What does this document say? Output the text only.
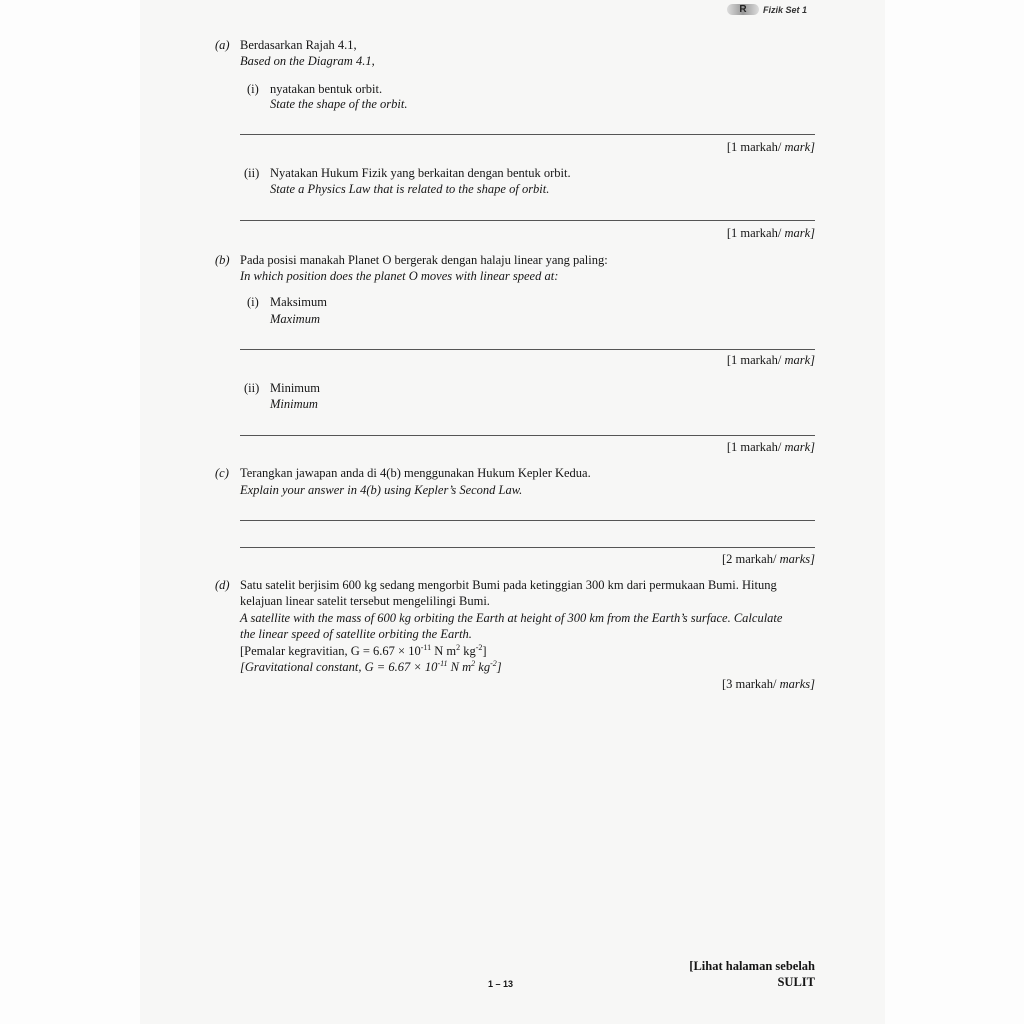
R	Fizik Set 1
(a) Berdasarkan Rajah 4.1,
Based on the Diagram 4.1,
(i) nyatakan bentuk orbit.
State the shape of the orbit.
[1 markah/ mark]
(ii) Nyatakan Hukum Fizik yang berkaitan dengan bentuk orbit.
State a Physics Law that is related to the shape of orbit.
[1 markah/ mark]
(b) Pada posisi manakah Planet O bergerak dengan halaju linear yang paling:
In which position does the planet O moves with linear speed at:
(i) Maksimum
Maximum
[1 markah/ mark]
(ii) Minimum
Minimum
[1 markah/ mark]
(c) Terangkan jawapan anda di 4(b) menggunakan Hukum Kepler Kedua.
Explain your answer in 4(b) using Kepler’s Second Law.
[2 markah/ marks]
(d) Satu satelit berjisim 600 kg sedang mengorbit Bumi pada ketinggian 300 km dari permukaan Bumi. Hitung
kelajuan linear satelit tersebut mengelilingi Bumi.
A satellite with the mass of 600 kg orbiting the Earth at height of 300 km from the Earth’s surface. Calculate
the linear speed of satellite orbiting the Earth.
[Pemalar kegravitian, $G = 6.67 \times 10^{-11}$ N $m^2$ $kg^{-2}$]
[Gravitational constant, $G = 6.67 \times 10^{-11}$ N $m^2$ $kg^{-2}$]
[3 markah/ marks]
[Lihat halaman sebelah
SULIT
1 – 13
